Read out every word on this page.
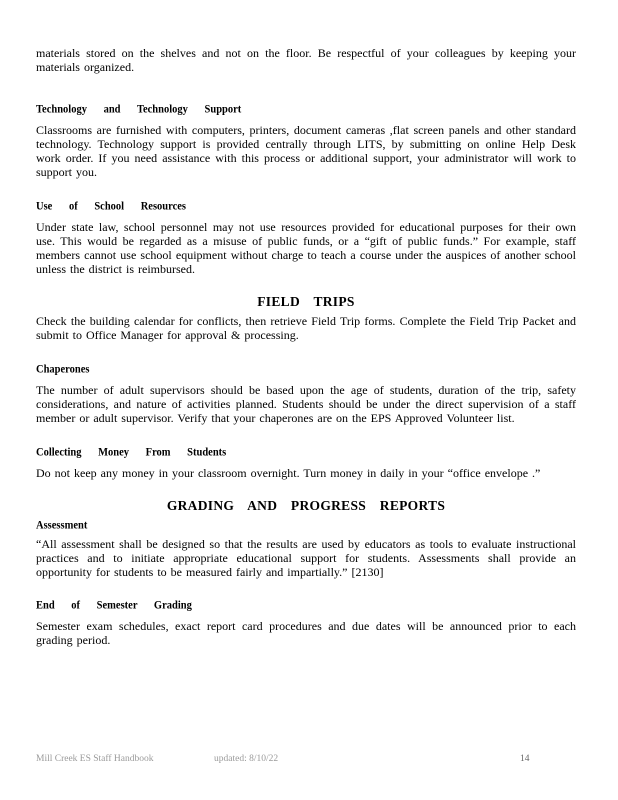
materials stored on the shelves and not on the floor. Be respectful of your colleagues by keeping your materials organized.

Technology and Technology Support

Classrooms are furnished with computers, printers, document cameras ,flat screen panels and other standard technology. Technology support is provided centrally through LITS, by submitting on online Help Desk work order. If you need assistance with this process or additional support, your administrator will work to support you.

Use of School Resources

Under state law, school personnel may not use resources provided for educational purposes for their own use. This would be regarded as a misuse of public funds, or a “gift of public funds.” For example, staff members cannot use school equipment without charge to teach a course under the auspices of another school unless the district is reimbursed.

FIELD TRIPS

Check the building calendar for conflicts, then retrieve Field Trip forms. Complete the Field Trip Packet and submit to Office Manager for approval & processing.

Chaperones

The number of adult supervisors should be based upon the age of students, duration of the trip, safety considerations, and nature of activities planned. Students should be under the direct supervision of a staff member or adult supervisor. Verify that your chaperones are on the EPS Approved Volunteer list.

Collecting Money From Students

Do not keep any money in your classroom overnight. Turn money in daily in your “office envelope .”

GRADING AND PROGRESS REPORTS

Assessment

“All assessment shall be designed so that the results are used by educators as tools to evaluate instructional practices and to initiate appropriate educational support for students. Assessments shall provide an opportunity for students to be measured fairly and impartially.” [2130]

End of Semester Grading

Semester exam schedules, exact report card procedures and due dates will be announced prior to each grading period.

Mill Creek ES Staff Handbook	updated: 8/10/22	14
